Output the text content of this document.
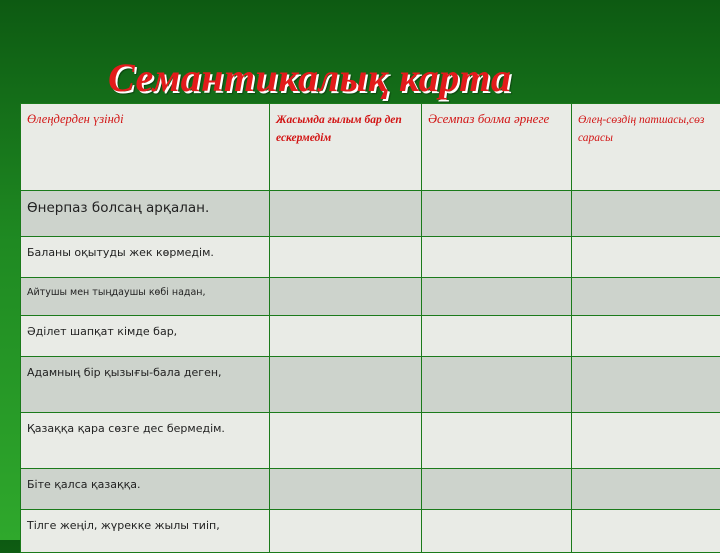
Семантикалық карта
Өлеңдерден үзінді	Жасымда ғылым бар деп ескермедім	Әсемпаз болма әрнеге	Өлең-сөздің патшасы,сөз сарасы

Өнерпаз болсаң арқалан.			

Баланы оқытуды жек көрмедім.			

Айтушы мен тыңдаушы көбі надан,			

Әділет шапқат кімде бар,			

Адамның бір қызығы-бала деген,			

Қазаққа қара сөзге дес бермедім.			

Біте қалса қазаққа.			

Тілге жеңіл, жүрекке жылы тиіп,			
